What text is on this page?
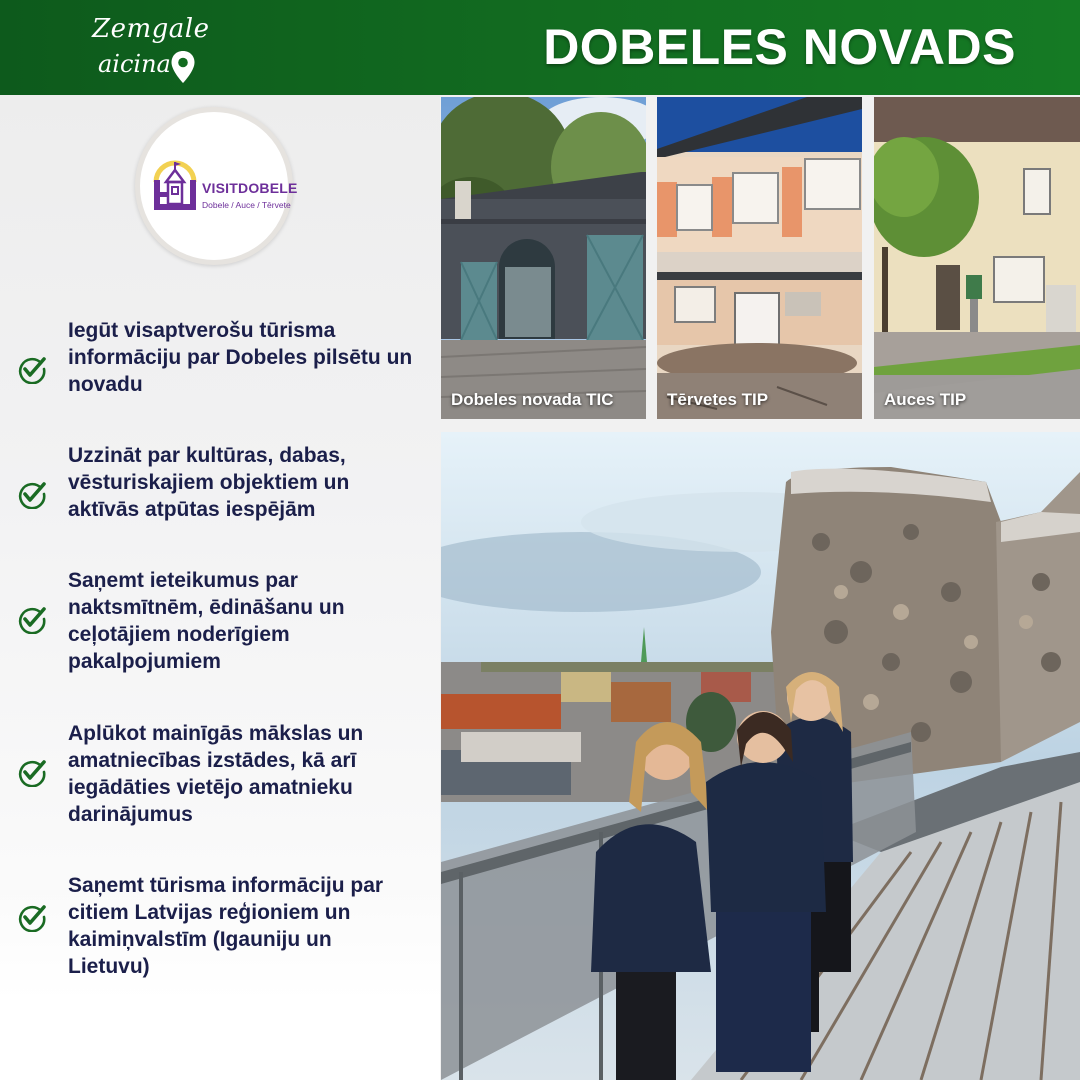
Zemgale
aicina	DOBELES NOVADS
VISITDOBELE
Dobele / Auce / Tērvete
Iegūt visaptverošu tūrisma informāciju par Dobeles pilsētu un novadu
Uzzināt par kultūras, dabas, vēsturiskajiem objektiem un aktīvās atpūtas iespējām
Saņemt ieteikumus par naktsmītnēm, ēdināšanu un ceļotājiem noderīgiem pakalpojumiem
Aplūkot mainīgās mākslas un amatniecības izstādes, kā arī iegādāties vietējo amatnieku darinājumus
Saņemt tūrisma informāciju par citiem Latvijas reģioniem un kaimiņvalstīm (Igauniju un Lietuvu)
Dobeles novada TIC	Tērvetes TIP	Auces TIP
